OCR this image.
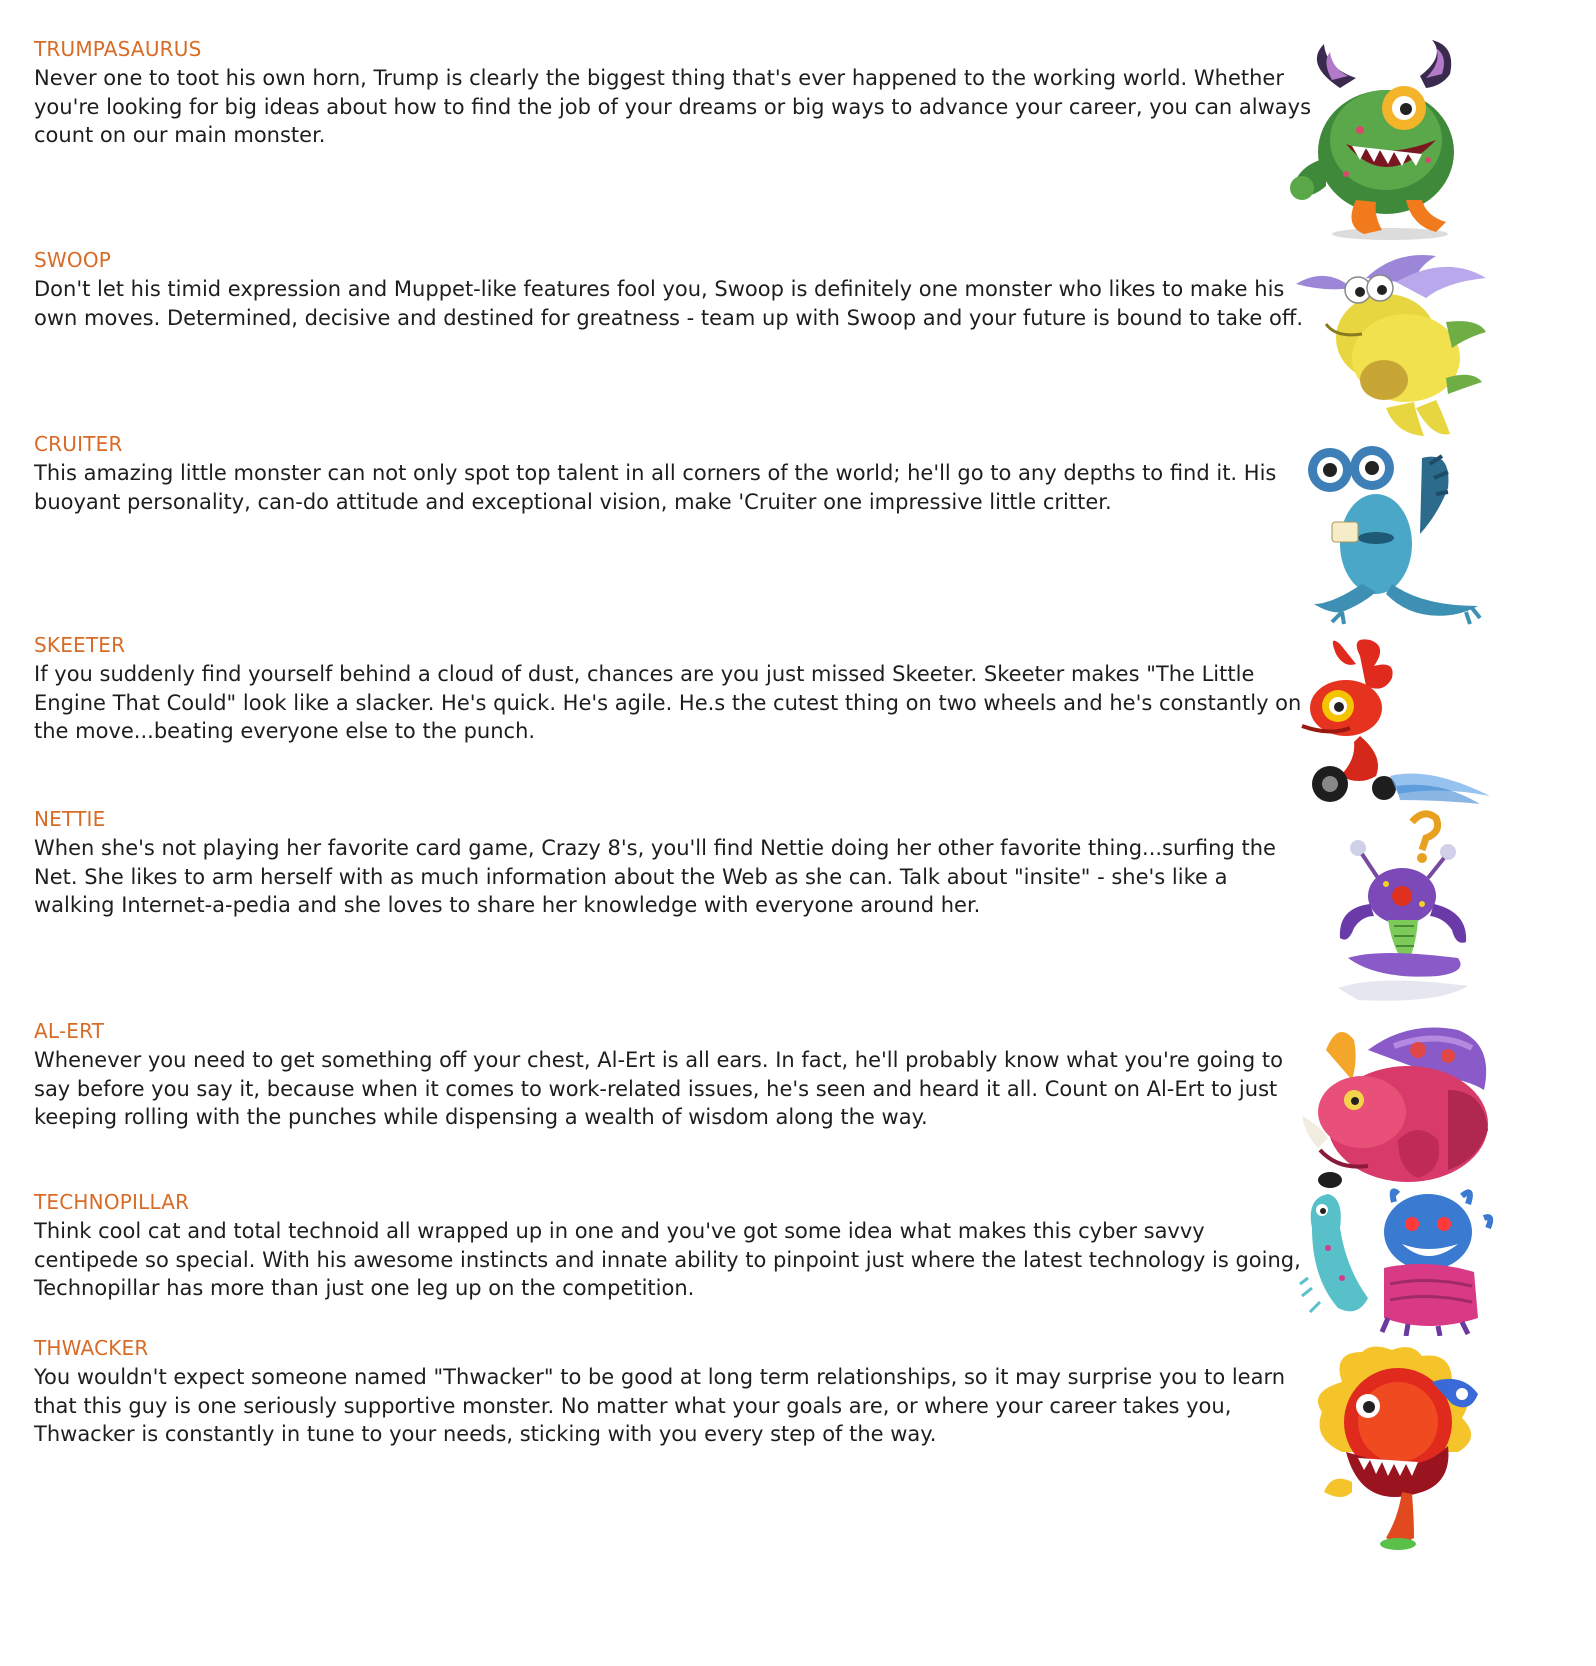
TRUMPASAURUS

Never one to toot his own horn, Trump is clearly the biggest thing that's ever happened to the working world. Whether you're looking for big ideas about how to find the job of your dreams or big ways to advance your career, you can always count on our main monster.

SWOOP

Don't let his timid expression and Muppet-like features fool you, Swoop is definitely one monster who likes to make his own moves. Determined, decisive and destined for greatness - team up with Swoop and your future is bound to take off.

CRUITER

This amazing little monster can not only spot top talent in all corners of the world; he'll go to any depths to find it. His buoyant personality, can-do attitude and exceptional vision, make 'Cruiter one impressive little critter.

SKEETER

If you suddenly find yourself behind a cloud of dust, chances are you just missed Skeeter. Skeeter makes "The Little Engine That Could" look like a slacker. He's quick. He's agile. He.s the cutest thing on two wheels and he's constantly on the move...beating everyone else to the punch.

NETTIE

When she's not playing her favorite card game, Crazy 8's, you'll find Nettie doing her other favorite thing...surfing the Net. She likes to arm herself with as much information about the Web as she can. Talk about "insite" - she's like a walking Internet-a-pedia and she loves to share her knowledge with everyone around her.

AL-ERT

Whenever you need to get something off your chest, Al-Ert is all ears. In fact, he'll probably know what you're going to say before you say it, because when it comes to work-related issues, he's seen and heard it all. Count on Al-Ert to just keeping rolling with the punches while dispensing a wealth of wisdom along the way.

TECHNOPILLAR

Think cool cat and total technoid all wrapped up in one and you've got some idea what makes this cyber savvy centipede so special. With his awesome instincts and innate ability to pinpoint just where the latest technology is going, Technopillar has more than just one leg up on the competition.

THWACKER

You wouldn't expect someone named "Thwacker" to be good at long term relationships, so it may surprise you to learn that this guy is one seriously supportive monster. No matter what your goals are, or where your career takes you, Thwacker is constantly in tune to your needs, sticking with you every step of the way.
